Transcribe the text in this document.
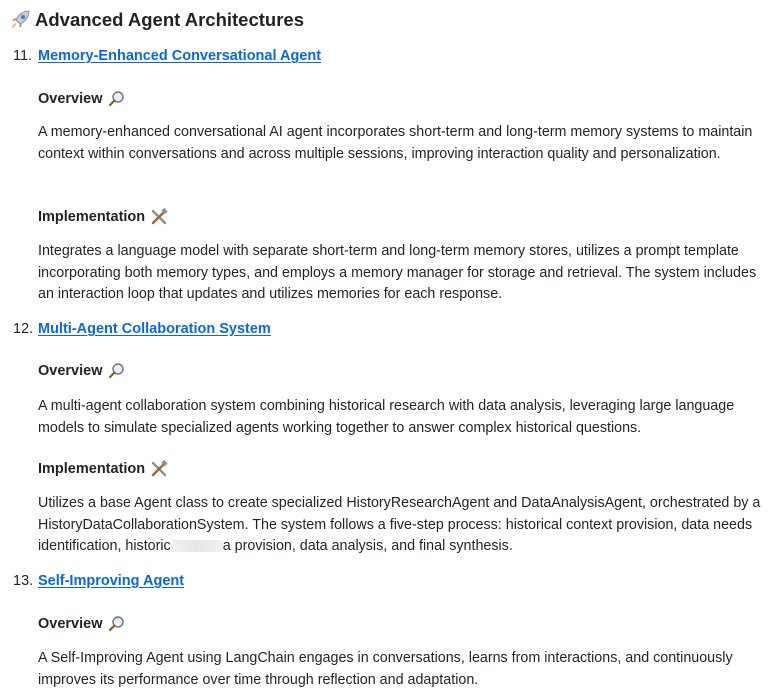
Advanced Agent Architectures
11. Memory-Enhanced Conversational Agent
Overview
A memory-enhanced conversational AI agent incorporates short-term and long-term memory systems to maintain context within conversations and across multiple sessions, improving interaction quality and personalization.
Implementation
Integrates a language model with separate short-term and long-term memory stores, utilizes a prompt template incorporating both memory types, and employs a memory manager for storage and retrieval. The system includes an interaction loop that updates and utilizes memories for each response.
12. Multi-Agent Collaboration System
Overview
A multi-agent collaboration system combining historical research with data analysis, leveraging large language models to simulate specialized agents working together to answer complex historical questions.
Implementation
Utilizes a base Agent class to create specialized HistoryResearchAgent and DataAnalysisAgent, orchestrated by a HistoryDataCollaborationSystem. The system follows a five-step process: historical context provision, data needs identification, historic	a provision, data analysis, and final synthesis.
13. Self-Improving Agent
Overview
A Self-Improving Agent using LangChain engages in conversations, learns from interactions, and continuously improves its performance over time through reflection and adaptation.
